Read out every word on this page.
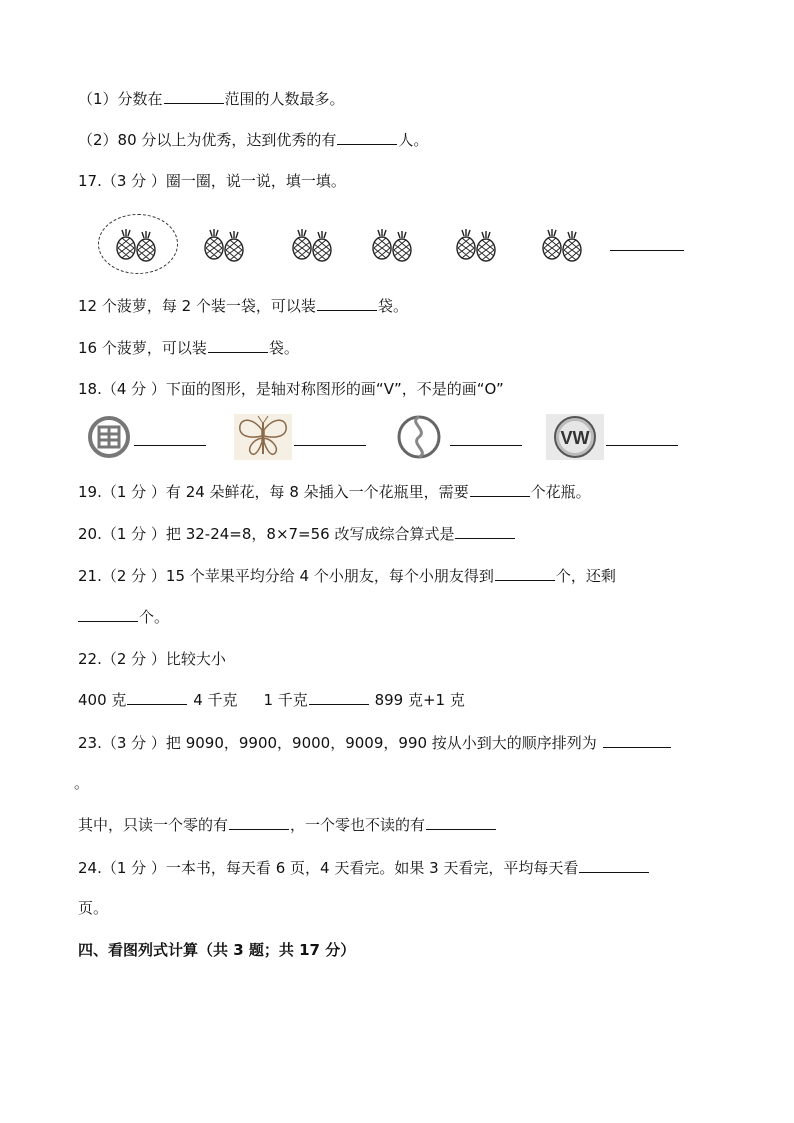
（1）分数在	范围的人数最多。
（2）80 分以上为优秀，达到优秀的有	人。
17.（3 分 ）圈一圈，说一说，填一填。
12 个菠萝，每 2 个装一袋，可以装	袋。
16 个菠萝，可以装	袋。
18.（4 分 ）下面的图形，是轴对称图形的画“V”，不是的画“O”
VW
19.（1 分 ）有 24 朵鲜花，每 8 朵插入一个花瓶里，需要	个花瓶。
20.（1 分 ）把 32-24=8，8×7=56 改写成综合算式是
21.（2 分 ）15 个苹果平均分给 4 个小朋友，每个小朋友得到	个，还剩
个。
22.（2 分 ）比较大小
400 克	4 千克 1 千克	899 克+1 克
23.（3 分 ）把 9090，9900，9000，9009，990 按从小到大的顺序排列为
。
其中，只读一个零的有	，一个零也不读的有
24.（1 分 ）一本书，每天看 6 页，4 天看完。如果 3 天看完，平均每天看
页。
四、看图列式计算（共 3 题；共 17 分）
